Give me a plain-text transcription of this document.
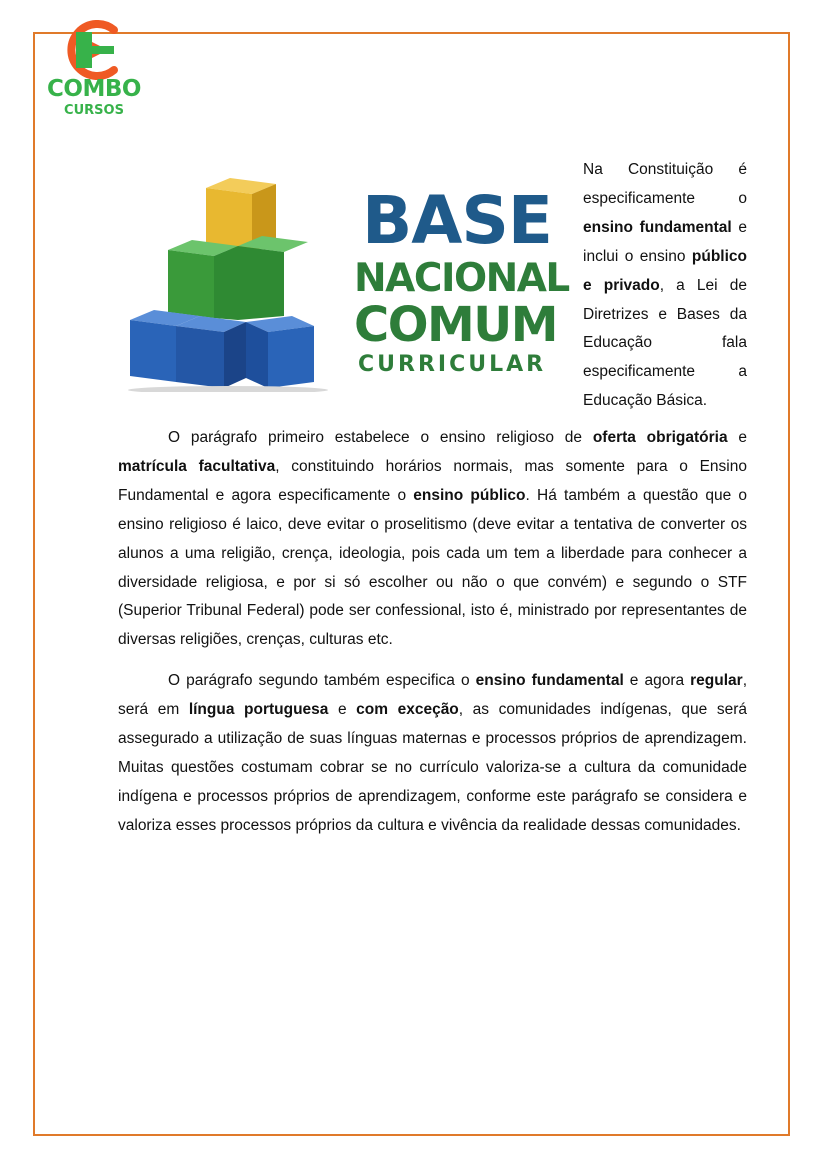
COMBO
CURSOS
BASE
NACIONAL
COMUM
CURRICULAR
Na Constituição é especificamente o ensino fundamental e inclui o ensino público e privado, a Lei de Diretrizes e Bases da Educação fala especificamente a Educação Básica.

O parágrafo primeiro estabelece o ensino religioso de oferta obrigatória e matrícula facultativa, constituindo horários normais, mas somente para o Ensino Fundamental e agora especificamente o ensino público. Há também a questão que o ensino religioso é laico, deve evitar o proselitismo (deve evitar a tentativa de converter os alunos a uma religião, crença, ideologia, pois cada um tem a liberdade para conhecer a diversidade religiosa, e por si só escolher ou não o que convém) e segundo o STF (Superior Tribunal Federal) pode ser confessional, isto é, ministrado por representantes de diversas religiões, crenças, culturas etc.

O parágrafo segundo também especifica o ensino fundamental e agora regular, será em língua portuguesa e com exceção, as comunidades indígenas, que será assegurado a utilização de suas línguas maternas e processos próprios de aprendizagem. Muitas questões costumam cobrar se no currículo valoriza-se a cultura da comunidade indígena e processos próprios de aprendizagem, conforme este parágrafo se considera e valoriza esses processos próprios da cultura e vivência da realidade dessas comunidades.
